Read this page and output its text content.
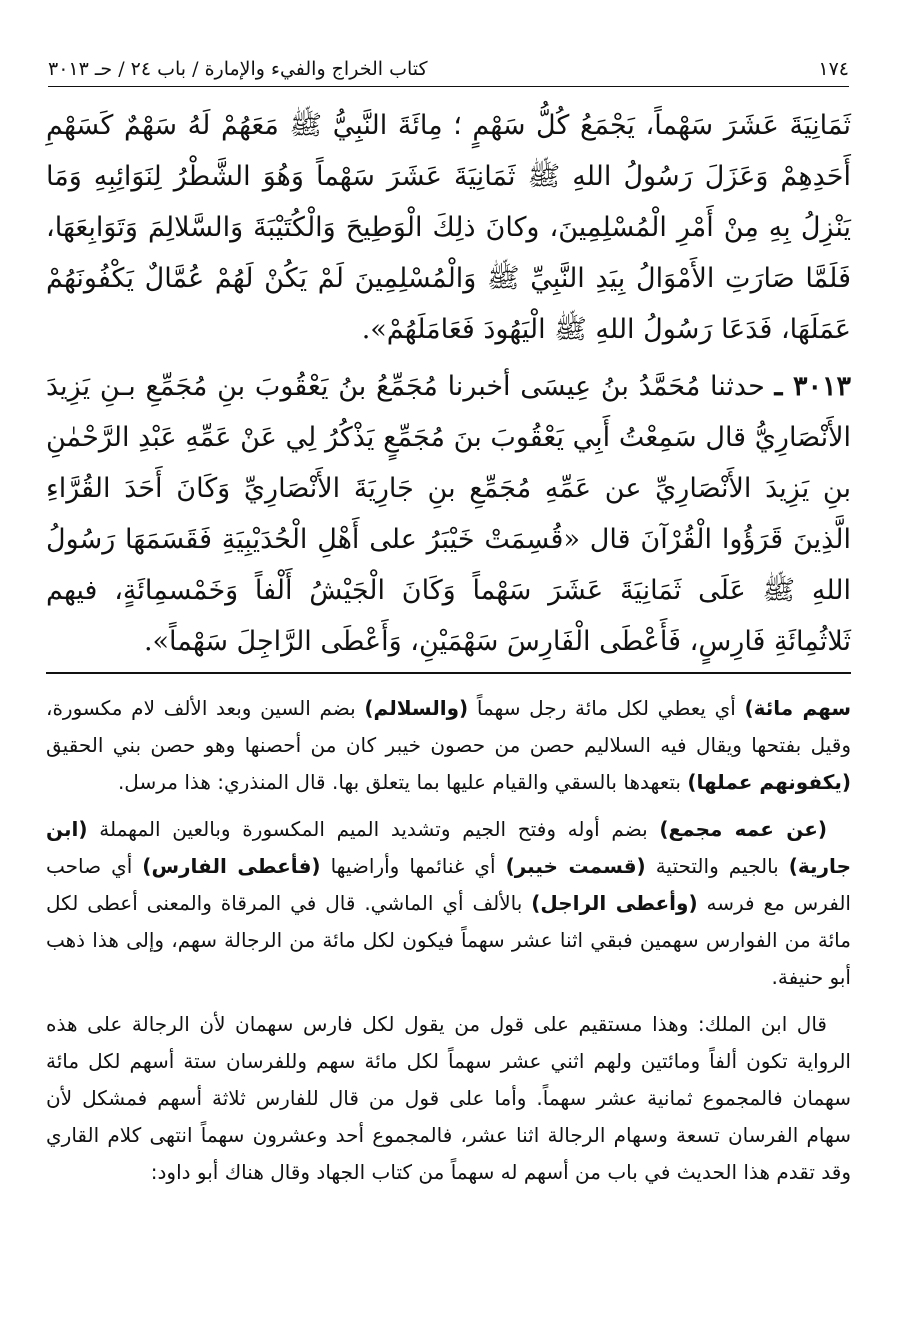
١٧٤
كتاب الخراج والفيء والإمارة / باب ٢٤ / حـ ٣٠١٣

ثَمَانِيَةَ عَشَرَ سَهْماً، يَجْمَعُ كُلُّ سَهْمٍ ؛ مِائَةَ النَّبِيُّ ﷺ مَعَهُمْ لَهُ سَهْمٌ كَسَهْمِ أَحَدِهِمْ وَعَزَلَ رَسُولُ اللهِ ﷺ ثَمَانِيَةَ عَشَرَ سَهْماً وَهُوَ الشَّطْرُ لِنَوَائِبِهِ وَمَا يَنْزِلُ بِهِ مِنْ أَمْرِ الْمُسْلِمِينَ، وكانَ ذلِكَ الْوَطِيحَ وَالْكُتَيْبَةَ وَالسَّلالِمَ وَتَوَابِعَهَا، فَلَمَّا صَارَتِ الأَمْوَالُ بِيَدِ النَّبِيِّ ﷺ وَالْمُسْلِمِينَ لَمْ يَكُنْ لَهُمْ عُمَّالٌ يَكْفُونَهُمْ عَمَلَهَا، فَدَعَا رَسُولُ اللهِ ﷺ الْيَهُودَ فَعَامَلَهُمْ».

٣٠١٣ ـ حدثنا مُحَمَّدُ بنُ عِيسَى أخبرنا مُجَمِّعُ بنُ يَعْقُوبَ بنِ مُجَمِّعِ بـنِ يَزِيدَ الأَنْصَارِيُّ قال سَمِعْتُ أَبِي يَعْقُوبَ بنَ مُجَمِّعٍ يَذْكُرُ لِي عَنْ عَمِّهِ عَبْدِ الرَّحْمٰنِ بنِ يَزِيدَ الأَنْصَارِيِّ عن عَمِّهِ مُجَمِّعِ بنِ جَارِيَةَ الأَنْصَارِيِّ وَكَانَ أَحَدَ القُرَّاءِ الَّذِينَ قَرَؤُوا الْقُرْآنَ قال «قُسِمَتْ خَيْبَرُ على أَهْلِ الْحُدَيْبِيَةِ فَقَسَمَهَا رَسُولُ اللهِ ﷺ عَلَى ثَمَانِيَةَ عَشَرَ سَهْماً وَكَانَ الْجَيْشُ أَلْفاً وَخَمْسمِائَةٍ، فيهم ثَلاثُمِائَةِ فَارِسٍ، فَأَعْطَى الْفَارِسَ سَهْمَيْنِ، وَأَعْطَى الرَّاجِلَ سَهْماً».

سهم مائة) أي يعطي لكل مائة رجل سهماً (والسلالم) بضم السين وبعد الألف لام مكسورة، وقيل بفتحها ويقال فيه السلاليم حصن من حصون خيبر كان من أحصنها وهو حصن بني الحقيق (يكفونهم عملها) بتعهدها بالسقي والقيام عليها بما يتعلق بها. قال المنذري: هذا مرسل.

(عن عمه مجمع) بضم أوله وفتح الجيم وتشديد الميم المكسورة وبالعين المهملة (ابن جارية) بالجيم والتحتية (قسمت خيبر) أي غنائمها وأراضيها (فأعطى الفارس) أي صاحب الفرس مع فرسه (وأعطى الراجل) بالألف أي الماشي. قال في المرقاة والمعنى أعطى لكل مائة من الفوارس سهمين فبقي اثنا عشر سهماً فيكون لكل مائة من الرجالة سهم، وإلى هذا ذهب أبو حنيفة.

قال ابن الملك: وهذا مستقيم على قول من يقول لكل فارس سهمان لأن الرجالة على هذه الرواية تكون ألفاً ومائتين ولهم اثني عشر سهماً لكل مائة سهم وللفرسان ستة أسهم لكل مائة سهمان فالمجموع ثمانية عشر سهماً. وأما على قول من قال للفارس ثلاثة أسهم فمشكل لأن سهام الفرسان تسعة وسهام الرجالة اثنا عشر، فالمجموع أحد وعشرون سهماً انتهى كلام القاري وقد تقدم هذا الحديث في باب من أسهم له سهماً من كتاب الجهاد وقال هناك أبو داود:
